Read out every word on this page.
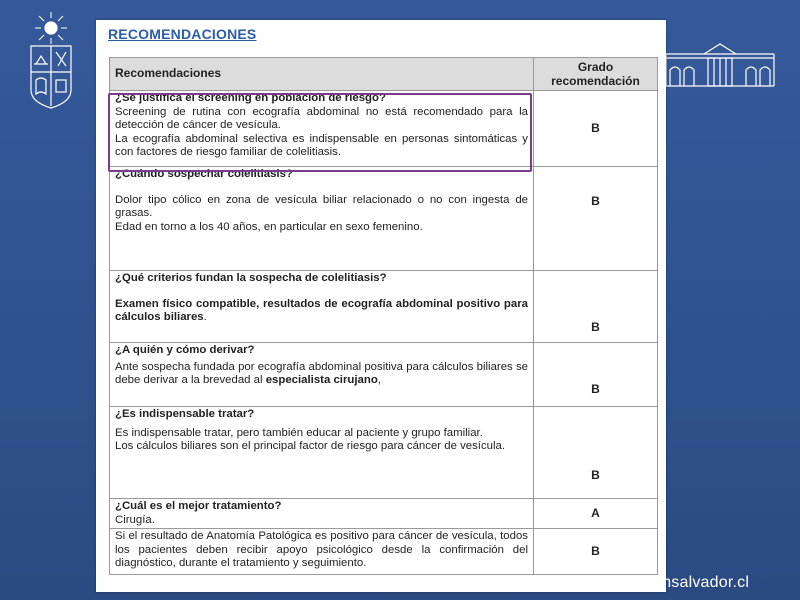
RECOMENDACIONES
Recomendaciones	Grado
recomendación

¿Se justifica el screening en población de riesgo?
Screening de rutina con ecografía abdominal no está recomendado para la detección de cáncer de vesícula.
La ecografía abdominal selectiva es indispensable en personas sintomáticas y con factores de riesgo familiar de colelitiasis.	B

¿Cuándo sospechar colelitiasis?
Dolor tipo cólico en zona de vesícula biliar relacionado o no con ingesta de grasas.
Edad en torno a los 40 años, en particular en sexo femenino.	B

¿Qué criterios fundan la sospecha de colelitiasis?
Examen físico compatible, resultados de ecografía abdominal positivo para cálculos biliares.	B

¿A quién y cómo derivar?
Ante sospecha fundada por ecografía abdominal positiva para cálculos biliares se debe derivar a la brevedad al especialista cirujano,	B

¿Es indispensable tratar?
Es indispensable tratar, pero también educar al paciente y grupo familiar.
Los cálculos biliares son el principal factor de riesgo para cáncer de vesícula.	B

¿Cuál es el mejor tratamiento?
Cirugía.	A

Si el resultado de Anatomía Patológica es positivo para cáncer de vesícula, todos los pacientes deben recibir apoyo psicológico desde la confirmación del diagnóstico, durante el tratamiento y seguimiento.	B
gahsalvador.cl
